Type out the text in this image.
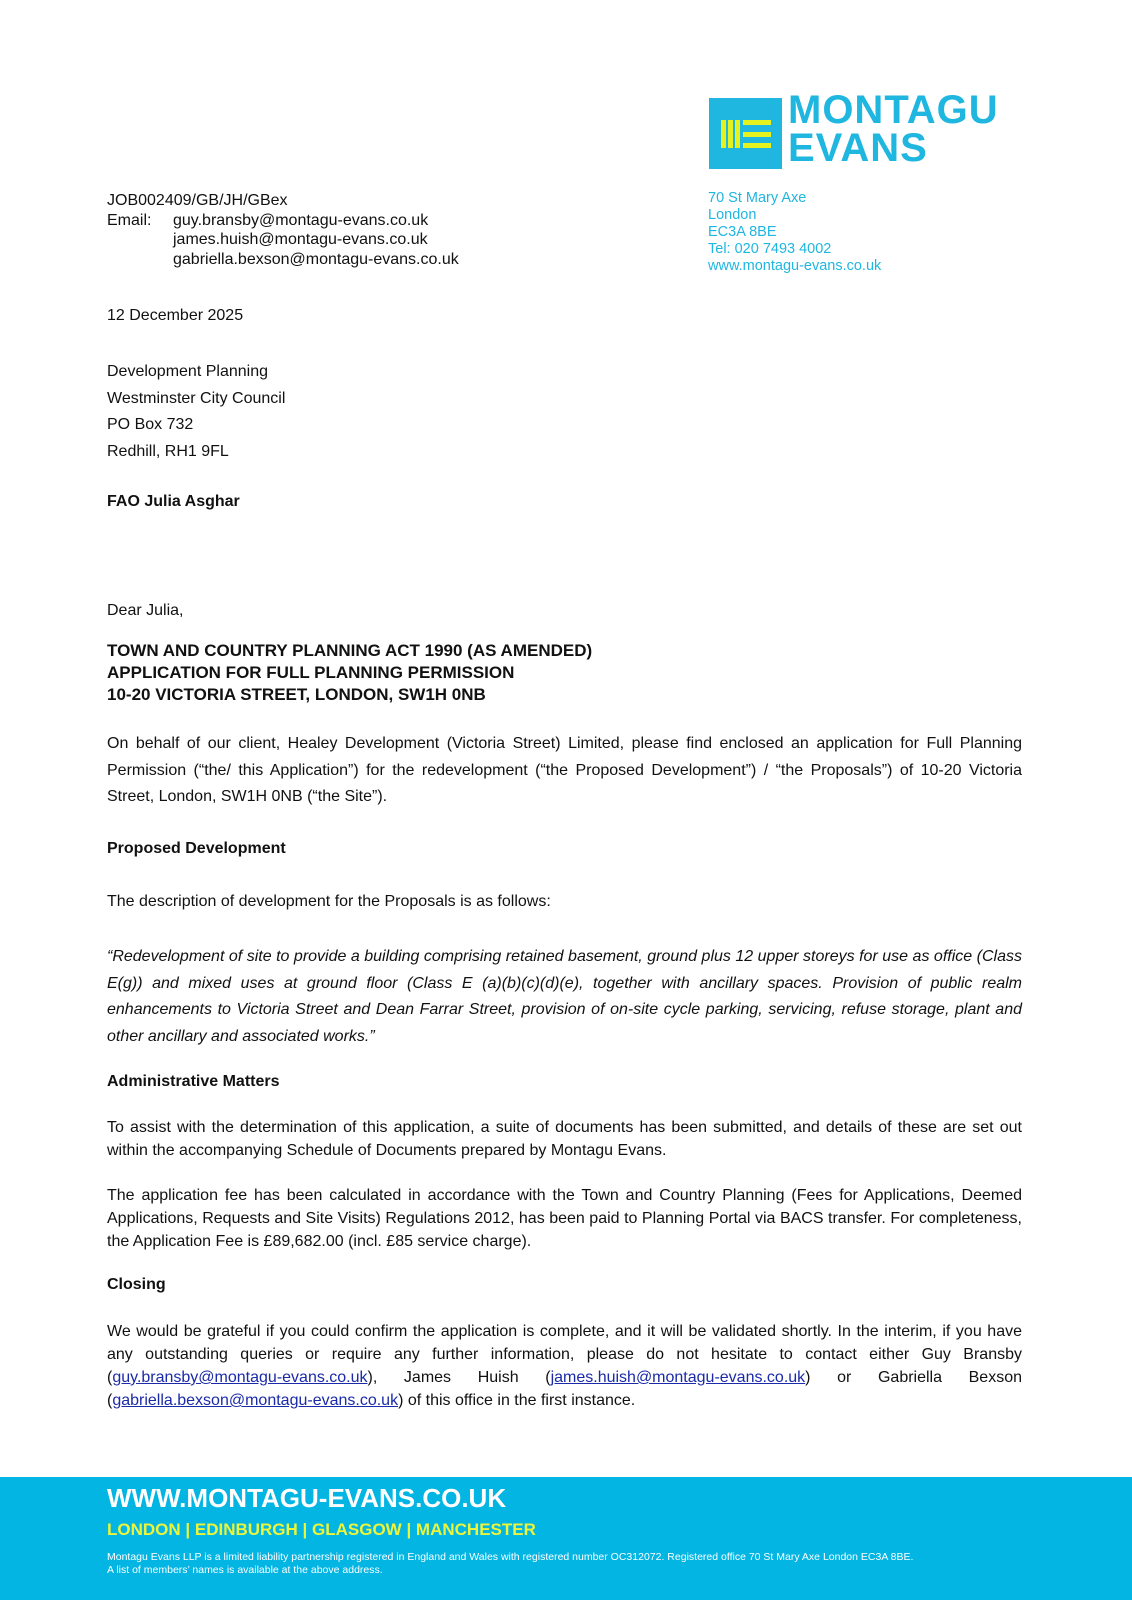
MONTAGU
EVANS
70 St Mary Axe
London
EC3A 8BE
Tel: 020 7493 4002
www.montagu-evans.co.uk
JOB002409/GB/JH/GBex
Email:	guy.bransby@montagu-evans.co.uk
james.huish@montagu-evans.co.uk
gabriella.bexson@montagu-evans.co.uk
12 December 2025
Development Planning
Westminster City Council
PO Box 732
Redhill, RH1 9FL
FAO Julia Asghar
Dear Julia,
TOWN AND COUNTRY PLANNING ACT 1990 (AS AMENDED)
APPLICATION FOR FULL PLANNING PERMISSION
10-20 VICTORIA STREET, LONDON, SW1H 0NB
On behalf of our client, Healey Development (Victoria Street) Limited, please find enclosed an application for Full Planning Permission (“the/ this Application”) for the redevelopment (“the Proposed Development”) / “the Proposals”) of 10-20 Victoria Street, London, SW1H 0NB (“the Site”).
Proposed Development
The description of development for the Proposals is as follows:
“Redevelopment of site to provide a building comprising retained basement, ground plus 12 upper storeys for use as office (Class E(g)) and mixed uses at ground floor (Class E (a)(b)(c)(d)(e), together with ancillary spaces. Provision of public realm enhancements to Victoria Street and Dean Farrar Street, provision of on-site cycle parking, servicing, refuse storage, plant and other ancillary and associated works.”
Administrative Matters
To assist with the determination of this application, a suite of documents has been submitted, and details of these are set out within the accompanying Schedule of Documents prepared by Montagu Evans.
The application fee has been calculated in accordance with the Town and Country Planning (Fees for Applications, Deemed Applications, Requests and Site Visits) Regulations 2012, has been paid to Planning Portal via BACS transfer. For completeness, the Application Fee is £89,682.00 (incl. £85 service charge).
Closing
We would be grateful if you could confirm the application is complete, and it will be validated shortly. In the interim, if you have any outstanding queries or require any further information, please do not hesitate to contact either Guy Bransby (guy.bransby@montagu-evans.co.uk), James Huish (james.huish@montagu-evans.co.uk) or Gabriella Bexson (gabriella.bexson@montagu-evans.co.uk) of this office in the first instance.
WWW.MONTAGU-EVANS.CO.UK
LONDON | EDINBURGH | GLASGOW | MANCHESTER
Montagu Evans LLP is a limited liability partnership registered in England and Wales with registered number OC312072. Registered office 70 St Mary Axe London EC3A 8BE.
A list of members’ names is available at the above address.
